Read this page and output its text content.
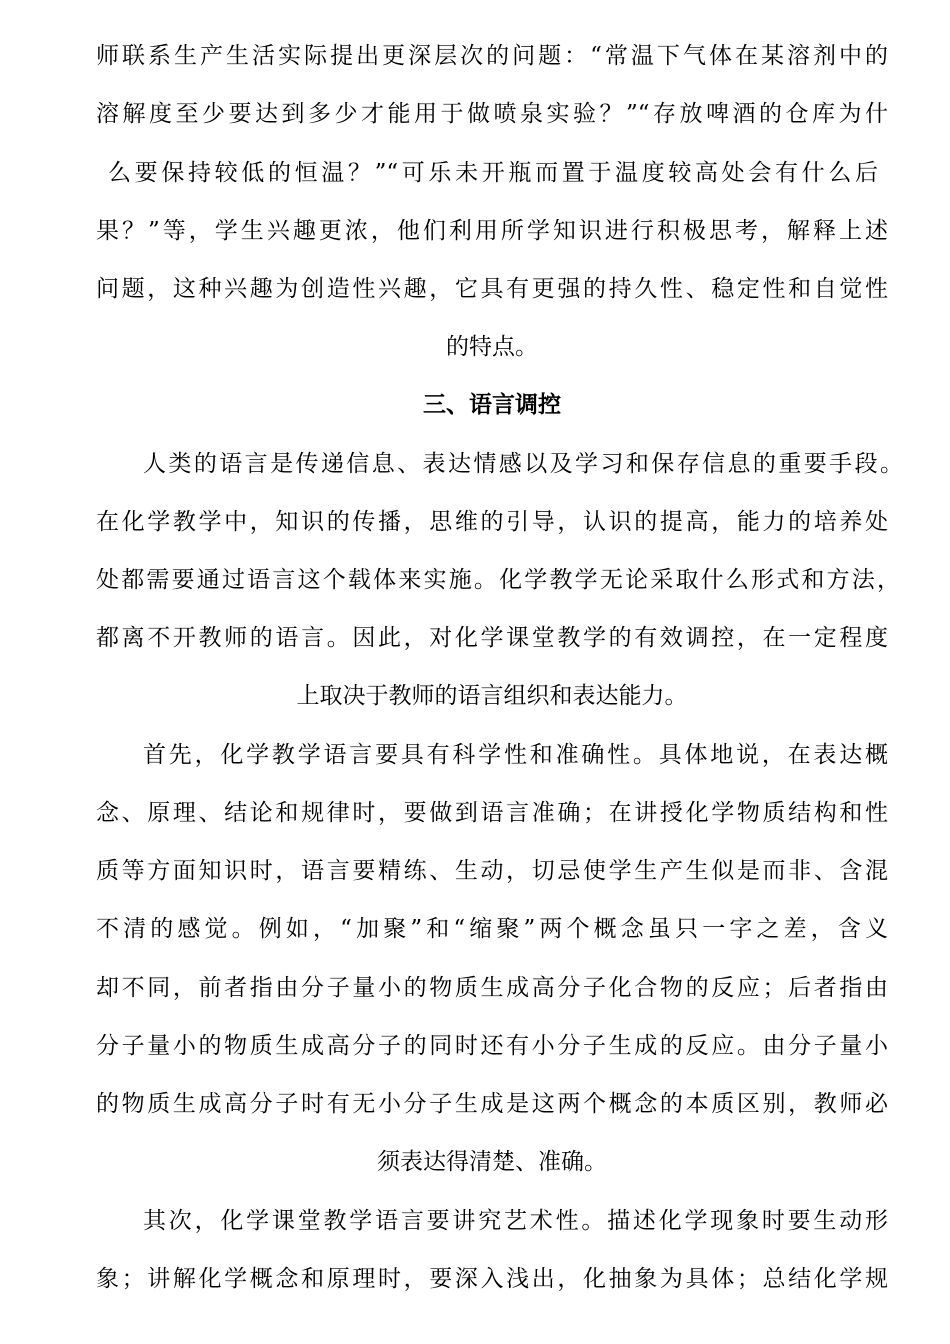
师联系生产生活实际提出更深层次的问题：“常温下气体在某溶剂中的
溶解度至少要达到多少才能用于做喷泉实验？”“存放啤酒的仓库为什
么要保持较低的恒温？”“可乐未开瓶而置于温度较高处会有什么后
果？”等，学生兴趣更浓，他们利用所学知识进行积极思考，解释上述
问题，这种兴趣为创造性兴趣，它具有更强的持久性、稳定性和自觉性
的特点。
三、语言调控
人类的语言是传递信息、表达情感以及学习和保存信息的重要手段。
在化学教学中，知识的传播，思维的引导，认识的提高，能力的培养处
处都需要通过语言这个载体来实施。化学教学无论采取什么形式和方法，
都离不开教师的语言。因此，对化学课堂教学的有效调控，在一定程度
上取决于教师的语言组织和表达能力。
首先，化学教学语言要具有科学性和准确性。具体地说，在表达概
念、原理、结论和规律时，要做到语言准确；在讲授化学物质结构和性
质等方面知识时，语言要精练、生动，切忌使学生产生似是而非、含混
不清的感觉。例如，“加聚”和“缩聚”两个概念虽只一字之差，含义
却不同，前者指由分子量小的物质生成高分子化合物的反应；后者指由
分子量小的物质生成高分子的同时还有小分子生成的反应。由分子量小
的物质生成高分子时有无小分子生成是这两个概念的本质区别，教师必
须表达得清楚、准确。
其次，化学课堂教学语言要讲究艺术性。描述化学现象时要生动形
象；讲解化学概念和原理时，要深入浅出，化抽象为具体；总结化学规
